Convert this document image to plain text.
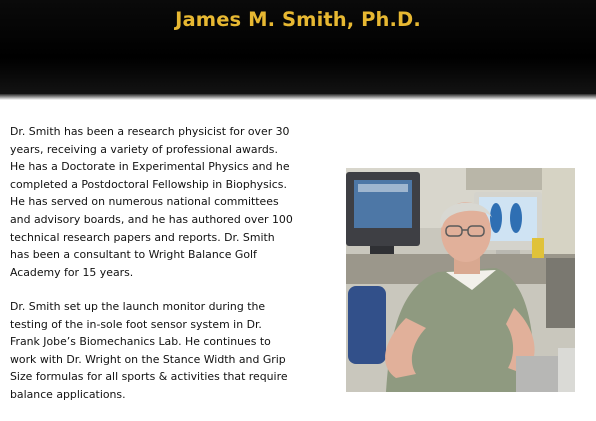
James M. Smith, Ph.D.
Dr. Smith has been a research physicist for over 30
years, receiving a variety of professional awards.
He has a Doctorate in Experimental Physics and he
completed a Postdoctoral Fellowship in Biophysics.
He has served on numerous national committees
and advisory boards, and he has authored over 100
technical research papers and reports. Dr. Smith
has been a consultant to Wright Balance Golf
Academy for 15 years.
Dr. Smith set up the launch monitor during the
testing of the in-sole foot sensor system in Dr.
Frank Jobe’s Biomechanics Lab. He continues to
work with Dr. Wright on the Stance Width and Grip
Size formulas for all sports & activities that require
balance applications.
